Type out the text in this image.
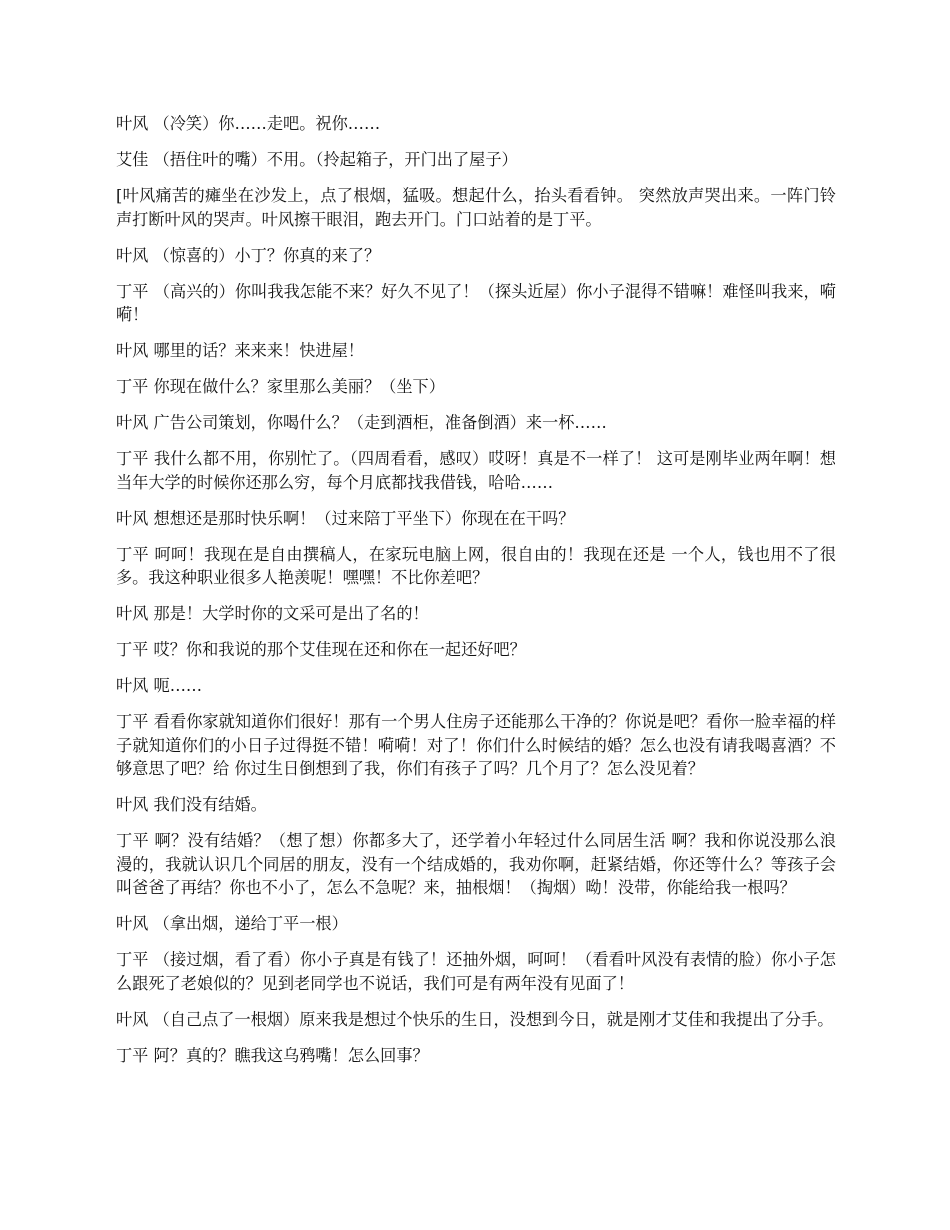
叶风 （冷笑）你……走吧。祝你……

艾佳 （捂住叶的嘴）不用。（拎起箱子，开门出了屋子）

[叶风痛苦的瘫坐在沙发上，点了根烟，猛吸。想起什么，抬头看看钟。 突然放声哭出来。一阵门铃声打断叶风的哭声。叶风擦干眼泪，跑去开门。门口站着的是丁平。

叶风 （惊喜的）小丁？你真的来了？

丁平 （高兴的）你叫我我怎能不来？好久不见了！（探头近屋）你小子混得不错嘛！难怪叫我来，嗬嗬！

叶风 哪里的话？来来来！快进屋！

丁平 你现在做什么？家里那么美丽？（坐下）

叶风 广告公司策划，你喝什么？（走到酒柜，准备倒酒）来一杯……

丁平 我什么都不用，你别忙了。（四周看看，感叹）哎呀！真是不一样了！ 这可是刚毕业两年啊！想当年大学的时候你还那么穷，每个月底都找我借钱，哈哈……

叶风 想想还是那时快乐啊！（过来陪丁平坐下）你现在在干吗？

丁平 呵呵！我现在是自由撰稿人，在家玩电脑上网，很自由的！我现在还是 一个人，钱也用不了很多。我这种职业很多人艳羡呢！嘿嘿！不比你差吧？

叶风 那是！大学时你的文采可是出了名的！

丁平 哎？你和我说的那个艾佳现在还和你在一起还好吧？

叶风 呃……

丁平 看看你家就知道你们很好！那有一个男人住房子还能那么干净的？你说是吧？看你一脸幸福的样子就知道你们的小日子过得挺不错！嗬嗬！对了！你们什么时候结的婚？怎么也没有请我喝喜酒？不够意思了吧？给 你过生日倒想到了我，你们有孩子了吗？几个月了？怎么没见着？

叶风 我们没有结婚。

丁平 啊？没有结婚？（想了想）你都多大了，还学着小年轻过什么同居生活 啊？我和你说没那么浪漫的，我就认识几个同居的朋友，没有一个结成婚的，我劝你啊，赶紧结婚，你还等什么？等孩子会叫爸爸了再结？你也不小了，怎么不急呢？来，抽根烟！（掏烟）呦！没带，你能给我一根吗？

叶风 （拿出烟，递给丁平一根）

丁平 （接过烟，看了看）你小子真是有钱了！还抽外烟，呵呵！（看看叶风没有表情的脸）你小子怎么跟死了老娘似的？见到老同学也不说话，我们可是有两年没有见面了！

叶风 （自己点了一根烟）原来我是想过个快乐的生日，没想到今日，就是刚才艾佳和我提出了分手。

丁平 阿？真的？瞧我这乌鸦嘴！怎么回事？
